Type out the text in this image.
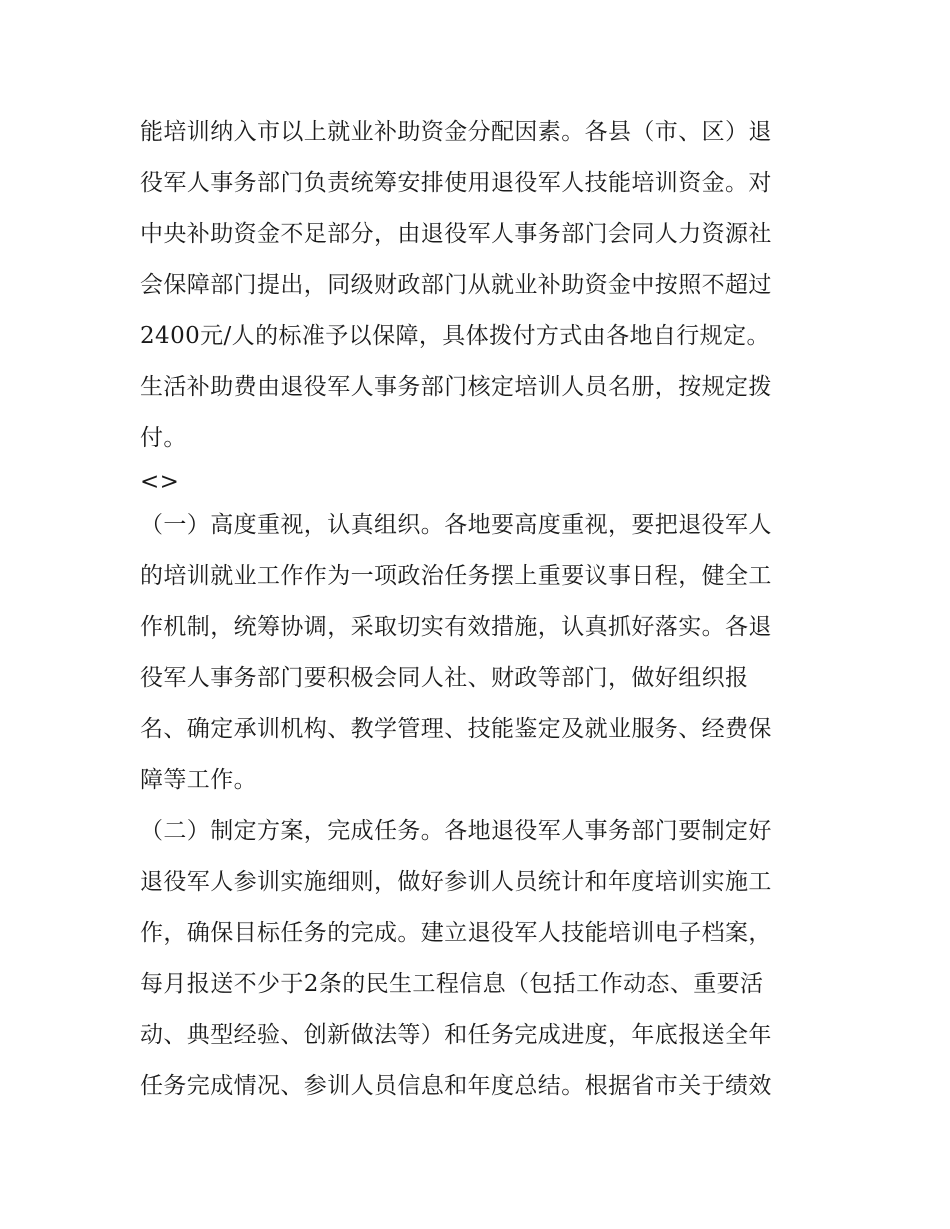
能培训纳入市以上就业补助资金分配因素。各县（市、区）退
役军人事务部门负责统筹安排使用退役军人技能培训资金。对
中央补助资金不足部分，由退役军人事务部门会同人力资源社
会保障部门提出，同级财政部门从就业补助资金中按照不超过
2400元/人的标准予以保障，具体拨付方式由各地自行规定。
生活补助费由退役军人事务部门核定培训人员名册，按规定拨
付。
<>
（一）高度重视，认真组织。各地要高度重视，要把退役军人
的培训就业工作作为一项政治任务摆上重要议事日程，健全工
作机制，统筹协调，采取切实有效措施，认真抓好落实。各退
役军人事务部门要积极会同人社、财政等部门，做好组织报
名、确定承训机构、教学管理、技能鉴定及就业服务、经费保
障等工作。
（二）制定方案，完成任务。各地退役军人事务部门要制定好
退役军人参训实施细则，做好参训人员统计和年度培训实施工
作，确保目标任务的完成。建立退役军人技能培训电子档案，
每月报送不少于2条的民生工程信息（包括工作动态、重要活
动、典型经验、创新做法等）和任务完成进度，年底报送全年
任务完成情况、参训人员信息和年度总结。根据省市关于绩效
